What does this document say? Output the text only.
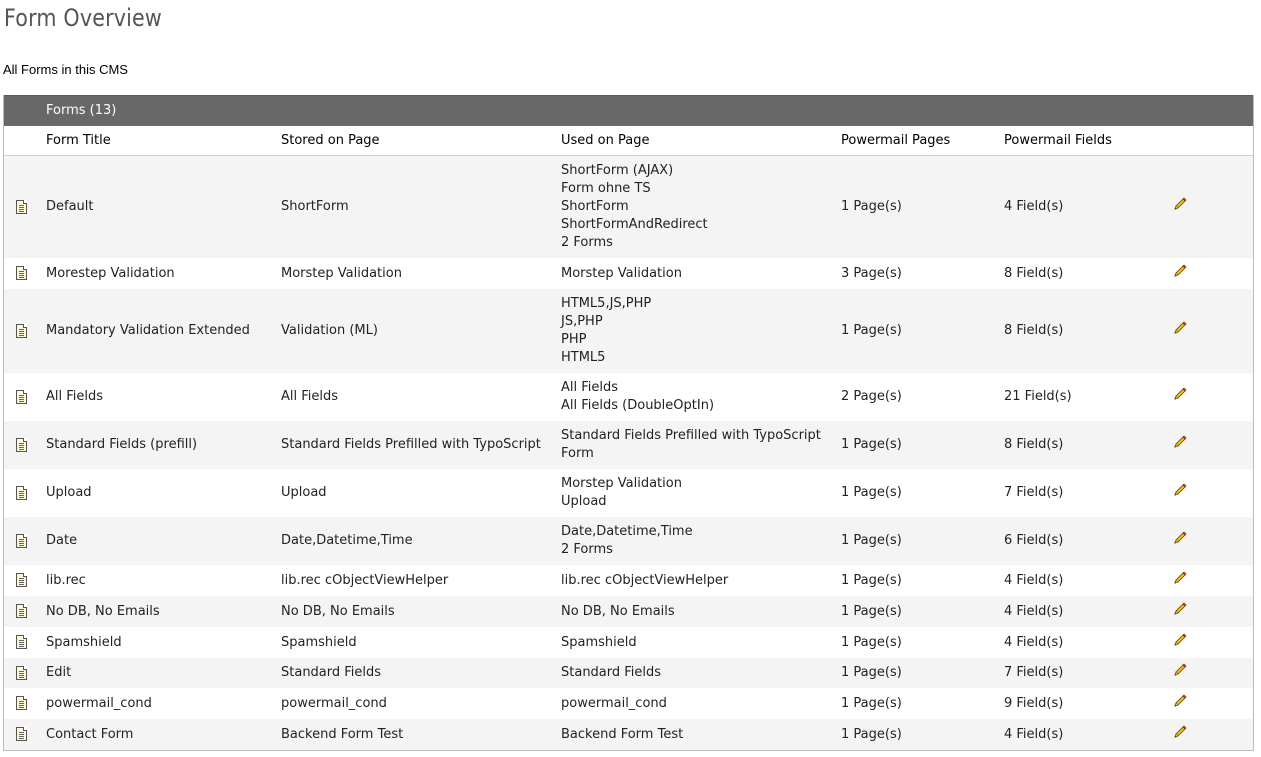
Form Overview
All Forms in this CMS
Forms (13)
	Form Title	Stored on Page	Used on Page	Powermail Pages	Powermail Fields	
	Default	ShortForm	ShortForm (AJAX)
Form ohne TS
ShortForm
ShortFormAndRedirect
2 Forms	1 Page(s)	4 Field(s)	
	Morestep Validation	Morstep Validation	Morstep Validation	3 Page(s)	8 Field(s)	
	Mandatory Validation Extended	Validation (ML)	HTML5,JS,PHP
JS,PHP
PHP
HTML5	1 Page(s)	8 Field(s)	
	All Fields	All Fields	All Fields
All Fields (DoubleOptIn)	2 Page(s)	21 Field(s)	
	Standard Fields (prefill)	Standard Fields Prefilled with TypoScript	Standard Fields Prefilled with TypoScript
Form	1 Page(s)	8 Field(s)	
	Upload	Upload	Morstep Validation
Upload	1 Page(s)	7 Field(s)	
	Date	Date,Datetime,Time	Date,Datetime,Time
2 Forms	1 Page(s)	6 Field(s)	
	lib.rec	lib.rec cObjectViewHelper	lib.rec cObjectViewHelper	1 Page(s)	4 Field(s)	
	No DB, No Emails	No DB, No Emails	No DB, No Emails	1 Page(s)	4 Field(s)	
	Spamshield	Spamshield	Spamshield	1 Page(s)	4 Field(s)	
	Edit	Standard Fields	Standard Fields	1 Page(s)	7 Field(s)	
	powermail_cond	powermail_cond	powermail_cond	1 Page(s)	9 Field(s)	
	Contact Form	Backend Form Test	Backend Form Test	1 Page(s)	4 Field(s)	
